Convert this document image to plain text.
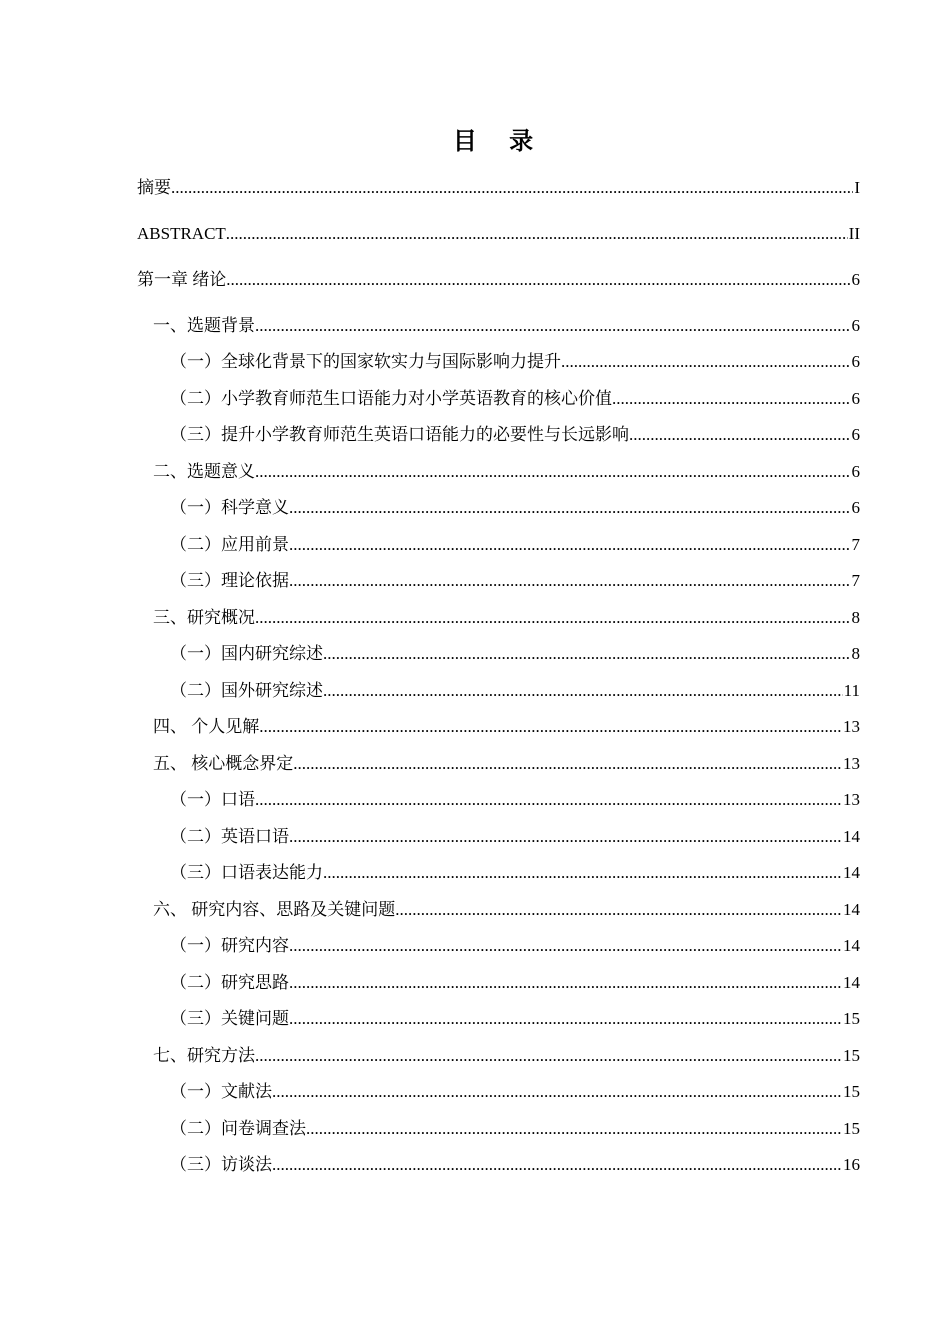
目 录
摘要 .....	I
ABSTRACT .....	II
第一章 绪论 .....	6
一、选题背景 .....	6
（一）全球化背景下的国家软实力与国际影响力提升 .....	6
（二）小学教育师范生口语能力对小学英语教育的核心价值 .....	6
（三）提升小学教育师范生英语口语能力的必要性与长远影响 .....	6
二、选题意义 .....	6
（一）科学意义 .....	6
（二）应用前景 .....	7
（三）理论依据 .....	7
三、研究概况 .....	8
（一）国内研究综述 .....	8
（二）国外研究综述 .....	11
四、 个人见解 .....	13
五、 核心概念界定 .....	13
（一）口语 .....	13
（二）英语口语 .....	14
（三）口语表达能力 .....	14
六、 研究内容、思路及关键问题 .....	14
（一）研究内容 .....	14
（二）研究思路 .....	14
（三）关键问题 .....	15
七、研究方法 .....	15
（一）文献法 .....	15
（二）问卷调查法 .....	15
（三）访谈法 .....	16
